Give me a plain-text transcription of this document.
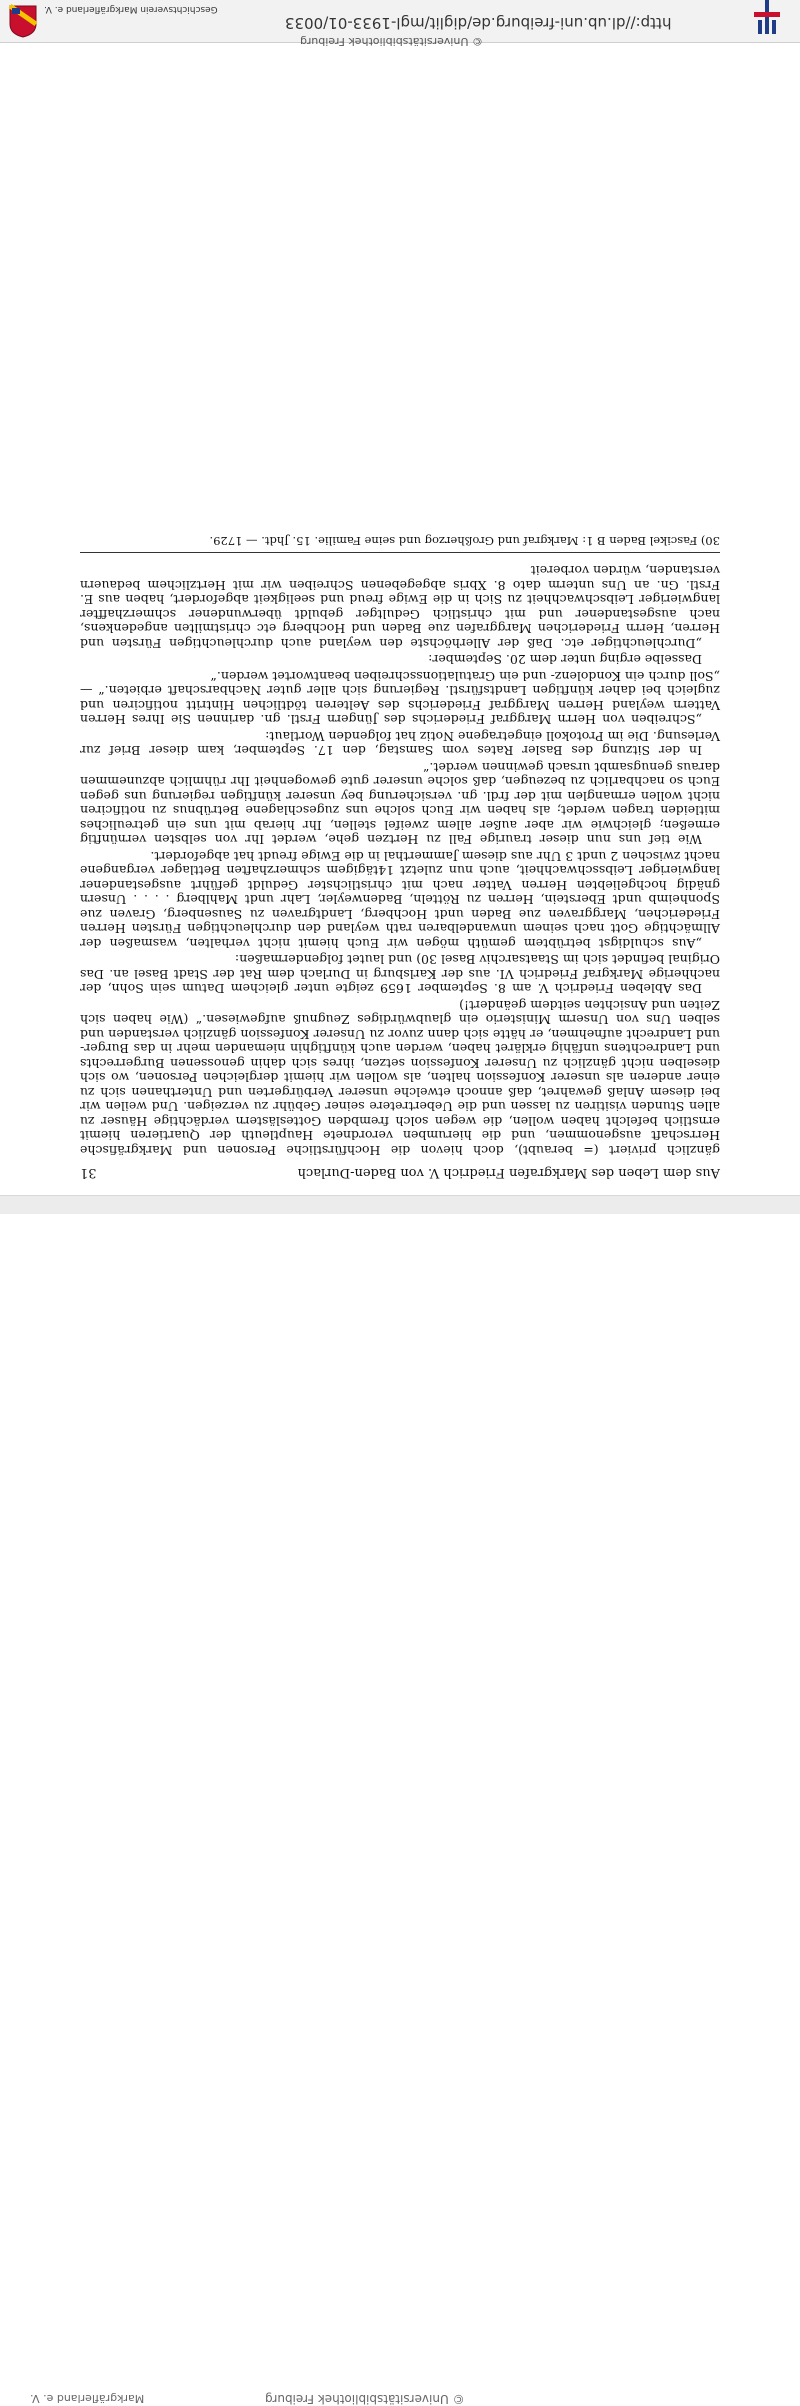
Geschichtsverein Markgräflerland e. V.
http://dl.ub.uni-freiburg.de/diglit/mgl-1933-01/0033
© Universitätsbibliothek Freiburg
Aus dem Leben des Markgrafen Friedrich V. von Baden-Durlach
31

gänzlich priviert (= beraubt), doch hievon die Hochfürstliche Personen und Markgräfische Herrschaft ausgenommen, und die hierumben verordnete Hauptleuth der Quartieren hiemit ernstlich befelcht haben wollen, die wegen solch frembden Gotteslästern verdächtige Häuser zu allen Stunden visitiren zu lassen und die Uebertretere seiner Gebühr zu verzeigen. Und weilen wir bei diesem Anlaß gewahret, daß annoch etwelche unserer Verbürgerten und Unterthanen sich zu einer anderen als unserer Konfession halten, als wollen wir hiemit dergleichen Personen, wo sich dieselben nicht gänzlich zu Unserer Konfession setzen, ihres sich dahin genossenen Burgerrechts und Landrechtens unfähig erkläret haben, werden auch künftighin niemanden mehr in das Burger- und Landrecht aufnehmen, er hätte sich dann zuvor zu Unserer Konfession gänzlich verstanden und selben Uns von Unserm Ministerio ein glaubwürdiges Zeugnuß aufgewiesen.“ (Wie haben sich Zeiten und Ansichten seitdem geändert!)

Das Ableben Friedrich V. am 8. September 1659 zeigte unter gleichem Datum sein Sohn, der nachherige Markgraf Friedrich VI. aus der Karlsburg in Durlach dem Rat der Stadt Basel an. Das Original befindet sich im Staatsarchiv Basel 30) und lautet folgendermaßen:

„Aus schuldigst betrübtem gemüth mögen wir Euch hiemit nicht verhalten, wasmaßen der Allmächtige Gott nach seinem unwandelbaren rath weyland den durchleuchtigen Fürsten Herren Friederichen, Marggraven zue Baden undt Hochberg, Landtgraven zu Sausenberg, Graven zue Sponheimb undt Eberstein, Herren zu Rötteln, Badenweyler, Lahr undt Mahlberg . . . . Unsern gnädig hochgeliebten Herren Vatter nach mit christlichster Geduldt geführt ausgestandener langwieriger Leibsschwachheit, auch nun zuletzt 14tägigem schmerzhaften Bettlager vergangene nacht zwischen 2 undt 3 Uhr aus diesem Jammerthal in die Ewige freudt hat abgefordert.

Wie tief uns nun dieser traurige Fall zu Hertzen gehe, werdet Ihr von selbsten vernünftig ermeßen; gleichwie wir aber außer allem zweifel stellen, Ihr hierab mit uns ein getreuliches mitleiden tragen werdet; als haben wir Euch solche uns zugeschlagene Betrübnus zu notificiren nicht wollen ermanglen mit der frdl. gn. versicherung bey unserer künftigen regierung uns gegen Euch so nachbarlich zu bezeugen, daß solche unserer gute gewogenheit Ihr rühmlich abzunemmen daraus genugsambt ursach gewinnen werdet.“

In der Sitzung des Basler Rates vom Samstag, den 17. September, kam dieser Brief zur Verlesung. Die im Protokoll eingetragene Notiz hat folgenden Wortlaut:

„Schreiben von Herrn Marggraf Friederichs des Jüngern Frstl. gn. darinnen Sie Ihres Herren Vattern weyland Herren Marggraf Friederichs des Aelteren tödtlichen Hintritt notificiren und zugleich bei daher künftigen Landtsfürstl. Regierung sich aller guter Nachbarschaft erbieten.“ — „Soll durch ein Kondolenz- und ein Gratulationsschreiben beantwortet werden.“

Dasselbe erging unter dem 20. September:

„Durchleuchtiger etc. Daß der Allerhöchste den weyland auch durchleuchtigen Fürsten und Herren, Herrn Friederichen Marggrafen zue Baden und Hochberg etc christmilten angedenkens, nach ausgestandener und mit christlich Gedultger gebuldt überwundener schmerzhaffter langwieriger Leibschwachheit zu Sich in die Ewige freud und seeligkeit abgefordert, haben aus E. Frstl. Gn. an Uns unterm dato 8. Xbris abgegebenen Schreiben wir mit Hertzlichem bedauern verstanden, würden vorbereit

30) Fascikel Baden B 1: Markgraf und Großherzog und seine Familie. 15. Jhdt. — 1729.
Markgräflerland e. V.	© Universitätsbibliothek Freiburg
